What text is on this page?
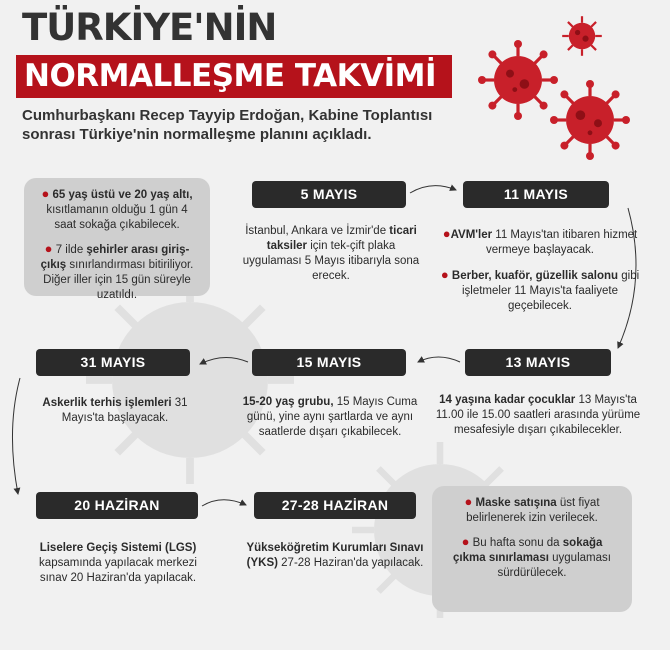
TÜRKİYE'NİN
NORMALLEŞME TAKVİMİ
Cumhurbaşkanı Recep Tayyip Erdoğan, Kabine Toplantısı sonrası Türkiye'nin normalleşme planını açıkladı.

● 65 yaş üstü ve 20 yaş altı, kısıtlamanın olduğu 1 gün 4 saat sokağa çıkabilecek.

● 7 ilde şehirler arası giriş-çıkış sınırlandırması bitiriliyor. Diğer iller için 15 gün süreyle uzatıldı.

5 MAYIS
İstanbul, Ankara ve İzmir'de ticari taksiler için tek-çift plaka uygulaması 5 Mayıs itibarıyla sona erecek.
11 MAYIS

●AVM'ler 11 Mayıs'tan itibaren hizmet vermeye başlayacak.

● Berber, kuaför, güzellik salonu gibi işletmeler 11 Mayıs'ta faaliyete geçebilecek.

13 MAYIS
14 yaşına kadar çocuklar 13 Mayıs'ta 11.00 ile 15.00 saatleri arasında yürüme mesafesiyle dışarı çıkabilecekler.
15 MAYIS
15-20 yaş grubu, 15 Mayıs Cuma günü, yine aynı şartlarda ve aynı saatlerde dışarı çıkabilecek.
31 MAYIS
Askerlik terhis işlemleri 31 Mayıs'ta başlayacak.
20 HAZİRAN
Liselere Geçiş Sistemi (LGS) kapsamında yapılacak merkezi sınav 20 Haziran'da yapılacak.
27-28 HAZİRAN
Yükseköğretim Kurumları Sınavı (YKS) 27-28 Haziran'da yapılacak.

● Maske satışına üst fiyat belirlenerek izin verilecek.

● Bu hafta sonu da sokağa çıkma sınırlaması uygulaması sürdürülecek.
